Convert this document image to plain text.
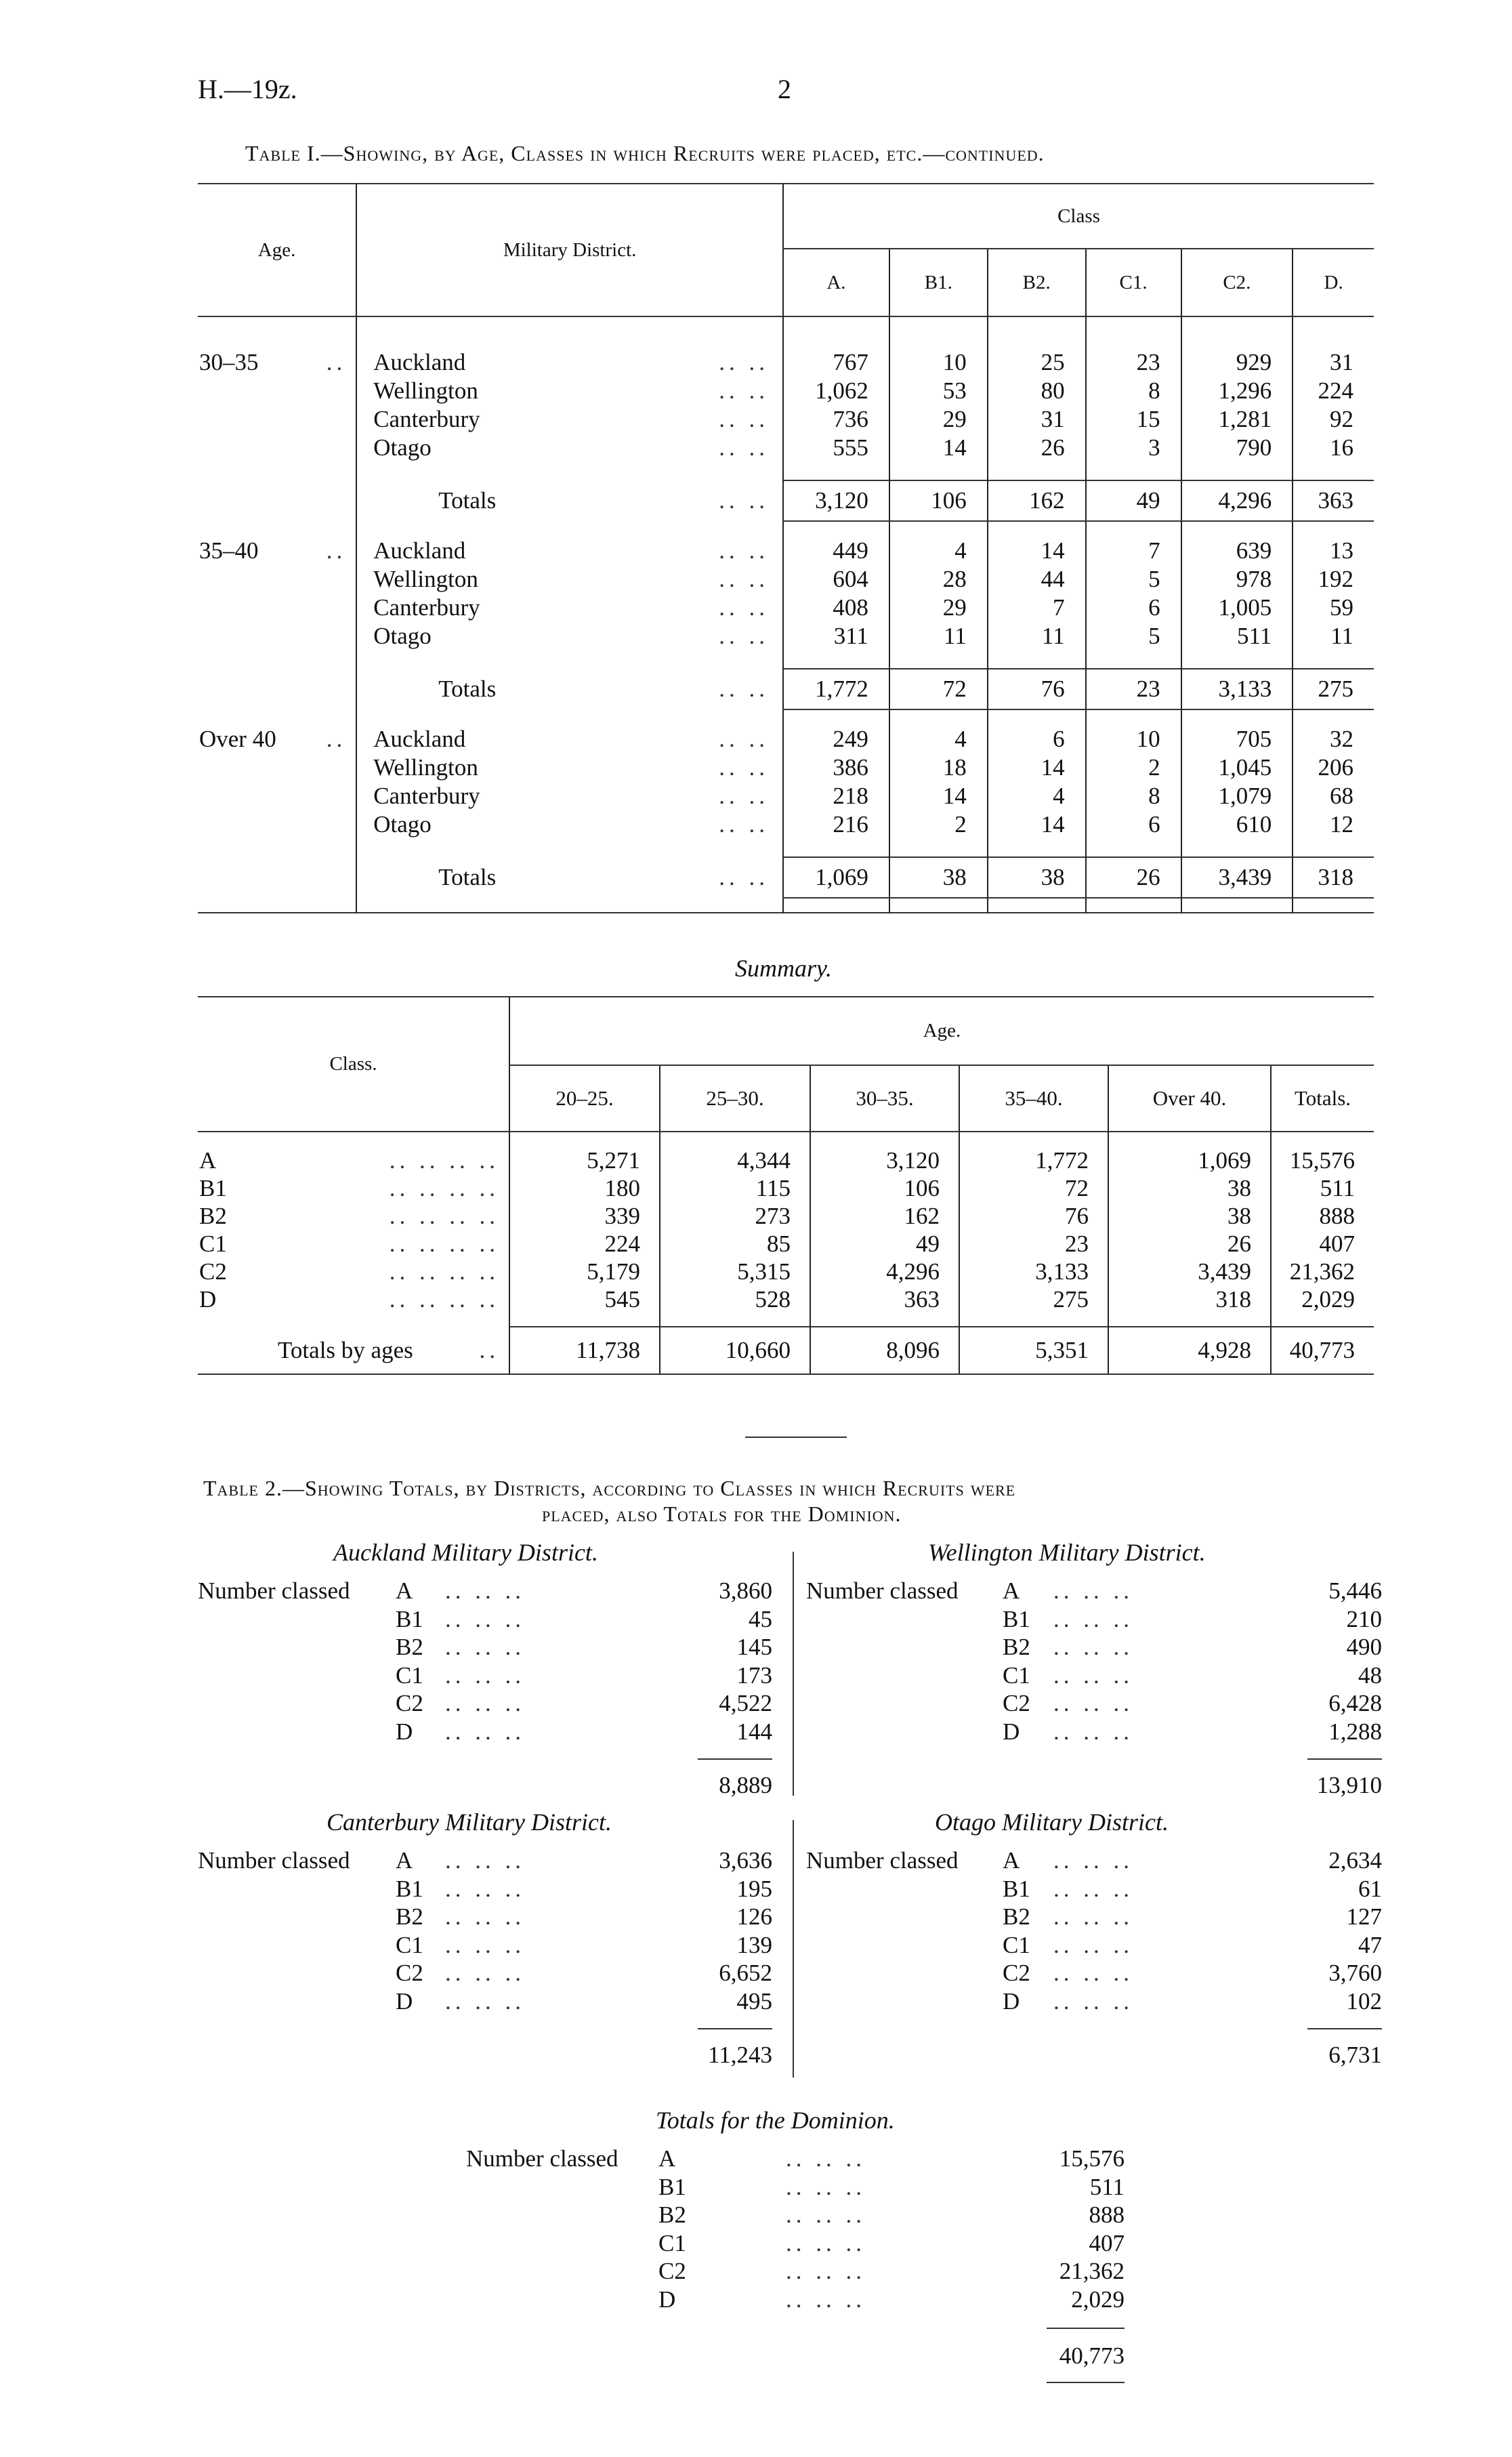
H.—19z.	2
Table I.—Showing, by Age, Classes in which Recruits were placed, etc.—continued.
Age.	Military District.	Class					
		A.	B1.	B2.	C1.	C2.	D.
30–35 ..	Auckland .. ..	767	10	25	23	929	31
	Wellington .. ..	1,062	53	80	8	1,296	224
	Canterbury .. ..	736	29	31	15	1,281	92
	Otago .. ..	555	14	26	3	790	16

	Totals .. ..	3,120	106	162	49	4,296	363

35–40 ..	Auckland .. ..	449	4	14	7	639	13
	Wellington .. ..	604	28	44	5	978	192
	Canterbury .. ..	408	29	7	6	1,005	59
	Otago .. ..	311	11	11	5	511	11

	Totals .. ..	1,772	72	76	23	3,133	275

Over 40 ..	Auckland .. ..	249	4	6	10	705	32
	Wellington .. ..	386	18	14	2	1,045	206
	Canterbury .. ..	218	14	4	8	1,079	68
	Otago .. ..	216	2	14	6	610	12

	Totals .. ..	1,069	38	38	26	3,439	318

Summary.
Class.	Age.					
	20–25.	25–30.	30–35.	35–40.	Over 40.	Totals.

A .. .. .. ..	5,271	4,344	3,120	1,772	1,069	15,576
B1 .. .. .. ..	180	115	106	72	38	511
B2 .. .. .. ..	339	273	162	76	38	888
C1 .. .. .. ..	224	85	49	23	26	407
C2 .. .. .. ..	5,179	5,315	4,296	3,133	3,439	21,362
D .. .. .. ..	545	528	363	275	318	2,029

Totals by ages ..	11,738	10,660	8,096	5,351	4,928	40,773
Table 2.—Showing Totals, by Districts, according to Classes in which Recruits were
placed, also Totals for the Dominion.
Auckland Military District.
Number classed A .. .. ..	3,860
B1 .. .. ..	45
B2 .. .. ..	145
C1 .. .. ..	173
C2 .. .. ..	4,522
D .. .. ..	144
8,889
Wellington Military District.
Number classed A .. .. ..	5,446
B1 .. .. ..	210
B2 .. .. ..	490
C1 .. .. ..	48
C2 .. .. ..	6,428
D .. .. ..	1,288
13,910
Canterbury Military District.
Number classed A .. .. ..	3,636
B1 .. .. ..	195
B2 .. .. ..	126
C1 .. .. ..	139
C2 .. .. ..	6,652
D .. .. ..	495
11,243
Otago Military District.
Number classed A .. .. ..	2,634
B1 .. .. ..	61
B2 .. .. ..	127
C1 .. .. ..	47
C2 .. .. ..	3,760
D .. .. ..	102
6,731
Totals for the Dominion.
Number classed A	.. .. ..	15,576
B1	.. .. ..	511
B2	.. .. ..	888
C1	.. .. ..	407
C2	.. .. ..	21,362
D	.. .. ..	2,029
40,773
